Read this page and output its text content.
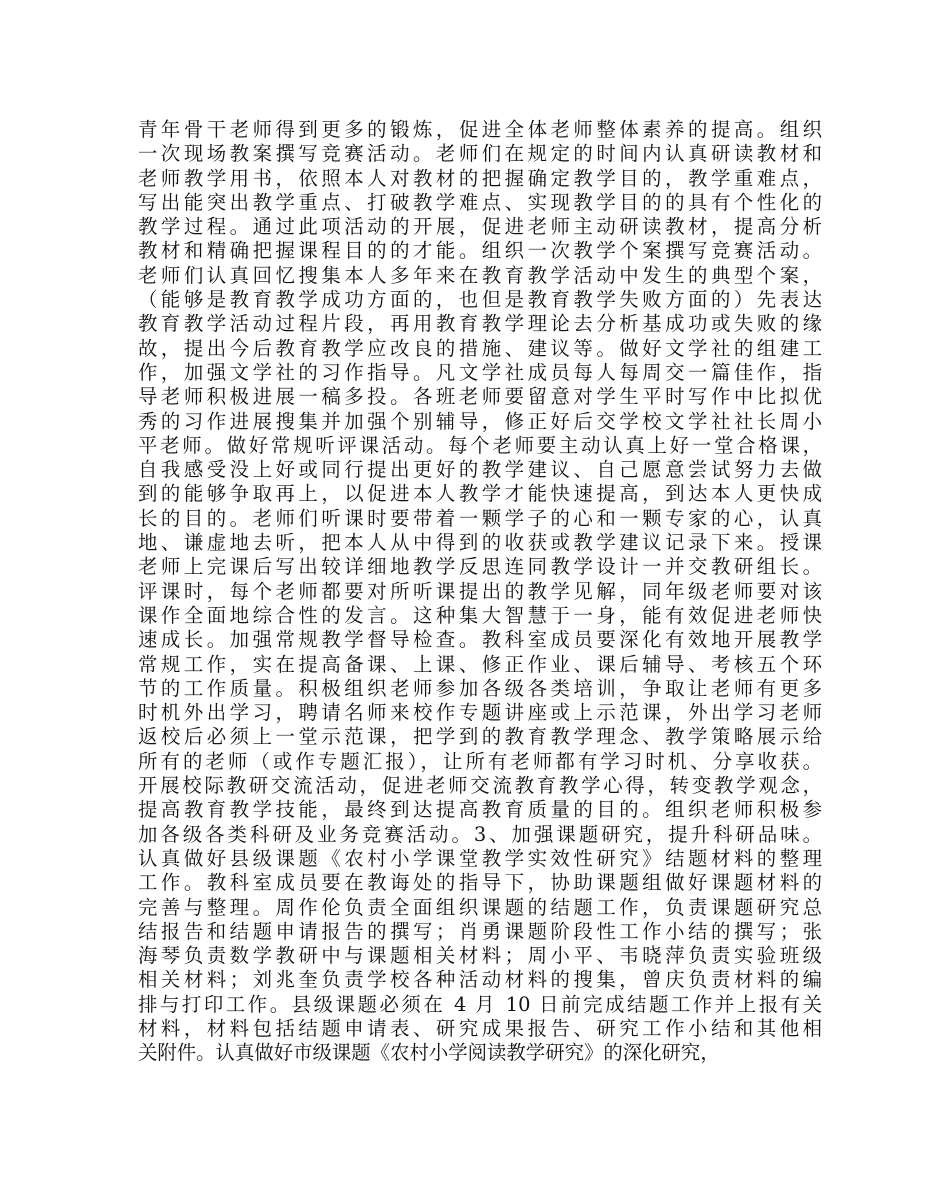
青年骨干老师得到更多的锻炼，促进全体老师整体素养的提高。组织
一次现场教案撰写竞赛活动。老师们在规定的时间内认真研读教材和
老师教学用书，依照本人对教材的把握确定教学目的，教学重难点，
写出能突出教学重点、打破教学难点、实现教学目的的具有个性化的
教学过程。通过此项活动的开展，促进老师主动研读教材，提高分析
教材和精确把握课程目的的才能。组织一次教学个案撰写竞赛活动。
老师们认真回忆搜集本人多年来在教育教学活动中发生的典型个案，
（能够是教育教学成功方面的，也但是教育教学失败方面的）先表达
教育教学活动过程片段，再用教育教学理论去分析基成功或失败的缘
故，提出今后教育教学应改良的措施、建议等。做好文学社的组建工
作，加强文学社的习作指导。凡文学社成员每人每周交一篇佳作，指
导老师积极进展一稿多投。各班老师要留意对学生平时写作中比拟优
秀的习作进展搜集并加强个别辅导，修正好后交学校文学社社长周小
平老师。做好常规听评课活动。每个老师要主动认真上好一堂合格课，
自我感受没上好或同行提出更好的教学建议、自己愿意尝试努力去做
到的能够争取再上，以促进本人教学才能快速提高，到达本人更快成
长的目的。老师们听课时要带着一颗学子的心和一颗专家的心，认真
地、谦虚地去听，把本人从中得到的收获或教学建议记录下来。授课
老师上完课后写出较详细地教学反思连同教学设计一并交教研组长。
评课时，每个老师都要对所听课提出的教学见解，同年级老师要对该
课作全面地综合性的发言。这种集大智慧于一身，能有效促进老师快
速成长。加强常规教学督导检查。教科室成员要深化有效地开展教学
常规工作，实在提高备课、上课、修正作业、课后辅导、考核五个环
节的工作质量。积极组织老师参加各级各类培训，争取让老师有更多
时机外出学习，聘请名师来校作专题讲座或上示范课，外出学习老师
返校后必须上一堂示范课，把学到的教育教学理念、教学策略展示给
所有的老师（或作专题汇报），让所有老师都有学习时机、分享收获。
开展校际教研交流活动，促进老师交流教育教学心得，转变教学观念，
提高教育教学技能，最终到达提高教育质量的目的。组织老师积极参
加各级各类科研及业务竞赛活动。3、加强课题研究，提升科研品味。
认真做好县级课题《农村小学课堂教学实效性研究》结题材料的整理
工作。教科室成员要在教诲处的指导下，协助课题组做好课题材料的
完善与整理。周作伦负责全面组织课题的结题工作，负责课题研究总
结报告和结题申请报告的撰写；肖勇课题阶段性工作小结的撰写；张
海琴负责数学教研中与课题相关材料；周小平、韦晓萍负责实验班级
相关材料；刘兆奎负责学校各种活动材料的搜集，曾庆负责材料的编
排与打印工作。县级课题必须在 4 月 10 日前完成结题工作并上报有关
材料，材料包括结题申请表、研究成果报告、研究工作小结和其他相
关附件。认真做好市级课题《农村小学阅读教学研究》的深化研究，
